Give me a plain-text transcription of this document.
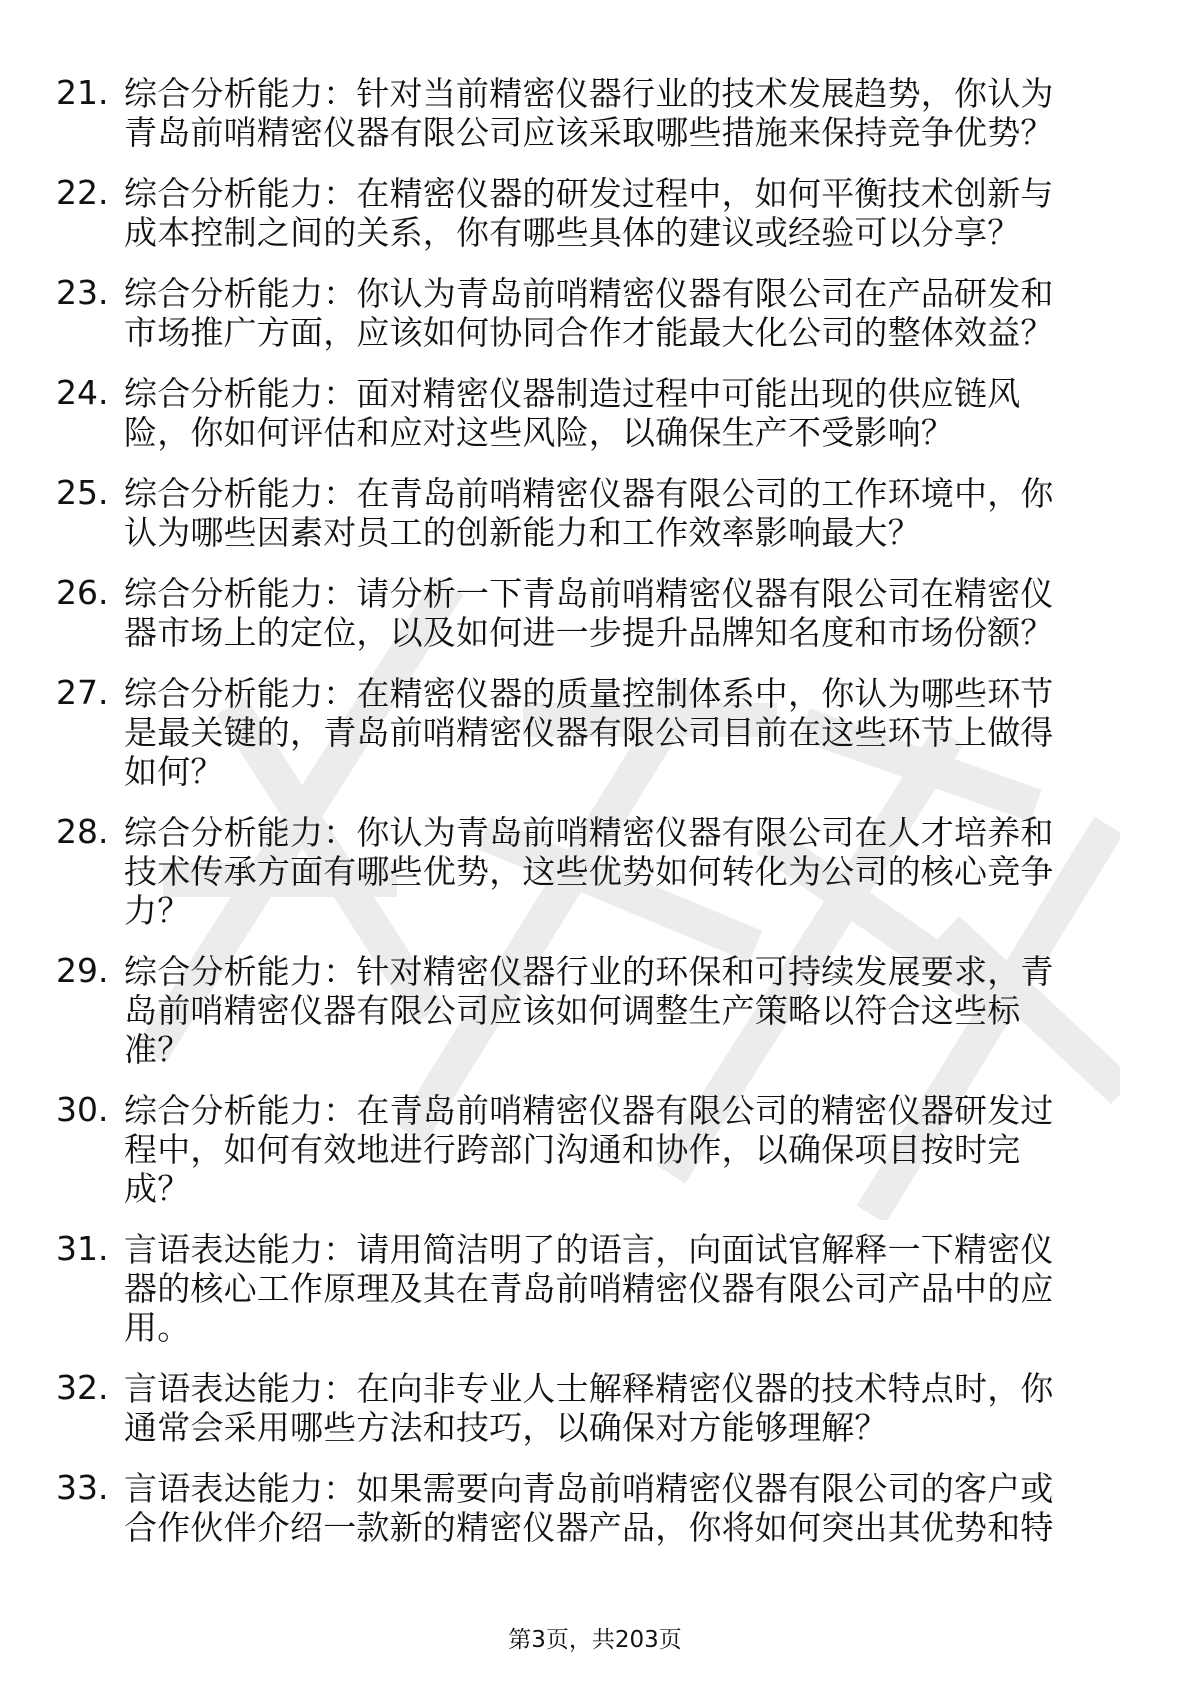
21. 综合分析能力：针对当前精密仪器行业的技术发展趋势，你认为
青岛前哨精密仪器有限公司应该采取哪些措施来保持竞争优势？
22. 综合分析能力：在精密仪器的研发过程中，如何平衡技术创新与
成本控制之间的关系，你有哪些具体的建议或经验可以分享？
23. 综合分析能力：你认为青岛前哨精密仪器有限公司在产品研发和
市场推广方面，应该如何协同合作才能最大化公司的整体效益？
24. 综合分析能力：面对精密仪器制造过程中可能出现的供应链风
险，你如何评估和应对这些风险，以确保生产不受影响？
25. 综合分析能力：在青岛前哨精密仪器有限公司的工作环境中，你
认为哪些因素对员工的创新能力和工作效率影响最大？
26. 综合分析能力：请分析一下青岛前哨精密仪器有限公司在精密仪
器市场上的定位，以及如何进一步提升品牌知名度和市场份额？
27. 综合分析能力：在精密仪器的质量控制体系中，你认为哪些环节
是最关键的，青岛前哨精密仪器有限公司目前在这些环节上做得
如何？
28. 综合分析能力：你认为青岛前哨精密仪器有限公司在人才培养和
技术传承方面有哪些优势，这些优势如何转化为公司的核心竞争
力？
29. 综合分析能力：针对精密仪器行业的环保和可持续发展要求，青
岛前哨精密仪器有限公司应该如何调整生产策略以符合这些标
准？
30. 综合分析能力：在青岛前哨精密仪器有限公司的精密仪器研发过
程中，如何有效地进行跨部门沟通和协作，以确保项目按时完
成？
31. 言语表达能力：请用简洁明了的语言，向面试官解释一下精密仪
器的核心工作原理及其在青岛前哨精密仪器有限公司产品中的应
用。
32. 言语表达能力：在向非专业人士解释精密仪器的技术特点时，你
通常会采用哪些方法和技巧，以确保对方能够理解？
33. 言语表达能力：如果需要向青岛前哨精密仪器有限公司的客户或
合作伙伴介绍一款新的精密仪器产品，你将如何突出其优势和特
第3页，共203页
